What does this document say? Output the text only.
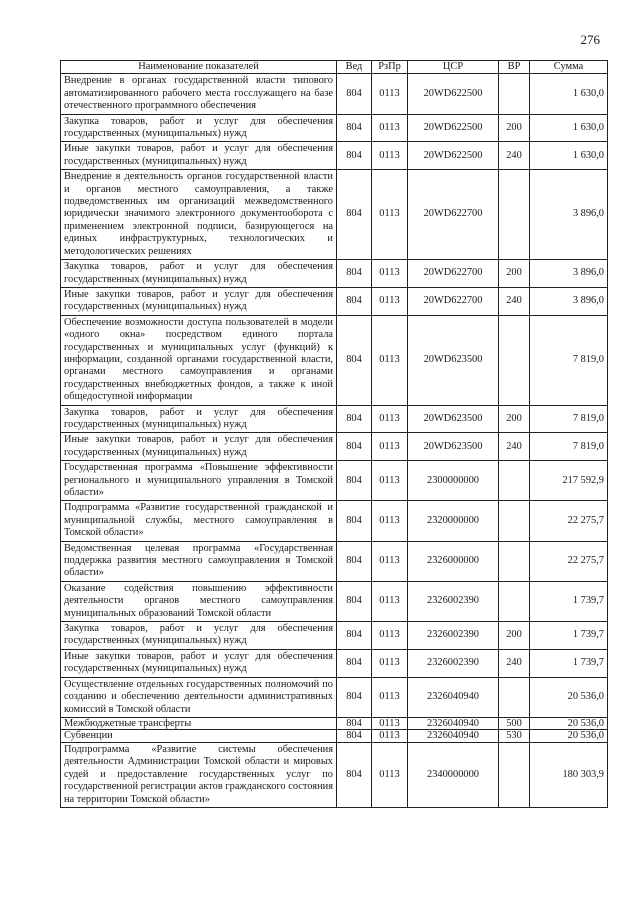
276
Наименование показателей	Вед	РзПр	ЦСР	ВР	Сумма
Внедрение в органах государственной власти типового автоматизированного рабочего места госслужащего на базе отечественного программного обеспечения	804	0113	20WD622500		1 630,0
Закупка товаров, работ и услуг для обеспечения государственных (муниципальных) нужд	804	0113	20WD622500	200	1 630,0
Иные закупки товаров, работ и услуг для обеспечения государственных (муниципальных) нужд	804	0113	20WD622500	240	1 630,0
Внедрение в деятельность органов государственной власти и органов местного самоуправления, а также подведомственных им организаций межведомственного юридически значимого электронного документооборота с применением электронной подписи, базирующегося на единых инфраструктурных, технологических и методологических решениях	804	0113	20WD622700		3 896,0
Закупка товаров, работ и услуг для обеспечения государственных (муниципальных) нужд	804	0113	20WD622700	200	3 896,0
Иные закупки товаров, работ и услуг для обеспечения государственных (муниципальных) нужд	804	0113	20WD622700	240	3 896,0
Обеспечение возможности доступа пользователей в модели «одного окна» посредством единого портала государственных и муниципальных услуг (функций) к информации, созданной органами государственной власти, органами местного самоуправления и органами государственных внебюджетных фондов, а также к иной общедоступной информации	804	0113	20WD623500		7 819,0
Закупка товаров, работ и услуг для обеспечения государственных (муниципальных) нужд	804	0113	20WD623500	200	7 819,0
Иные закупки товаров, работ и услуг для обеспечения государственных (муниципальных) нужд	804	0113	20WD623500	240	7 819,0
Государственная программа «Повышение эффективности регионального и муниципального управления в Томской области»	804	0113	2300000000		217 592,9
Подпрограмма «Развитие государственной гражданской и муниципальной службы, местного самоуправления в Томской области»	804	0113	2320000000		22 275,7
Ведомственная целевая программа «Государственная поддержка развития местного самоуправления в Томской области»	804	0113	2326000000		22 275,7
Оказание содействия повышению эффективности деятельности органов местного самоуправления муниципальных образований Томской области	804	0113	2326002390		1 739,7
Закупка товаров, работ и услуг для обеспечения государственных (муниципальных) нужд	804	0113	2326002390	200	1 739,7
Иные закупки товаров, работ и услуг для обеспечения государственных (муниципальных) нужд	804	0113	2326002390	240	1 739,7
Осуществление отдельных государственных полномочий по созданию и обеспечению деятельности административных комиссий в Томской области	804	0113	2326040940		20 536,0
Межбюджетные трансферты	804	0113	2326040940	500	20 536,0
Субвенции	804	0113	2326040940	530	20 536,0
Подпрограмма «Развитие системы обеспечения деятельности Администрации Томской области и мировых судей и предоставление государственных услуг по государственной регистрации актов гражданского состояния на территории Томской области»	804	0113	2340000000		180 303,9
